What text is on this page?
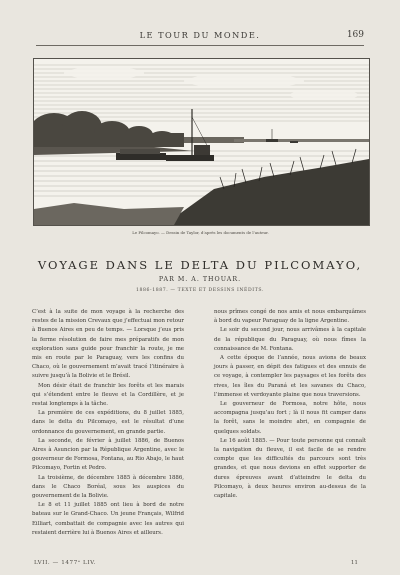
LE TOUR DU MONDE.	169
Le Pilcomayo. — Dessin de Taylor, d’après les documents de l’auteur.
VOYAGE DANS LE DELTA DU PILCOMAYO,
PAR M. A. THOUAR.
1886-1887. — TEXTE ET DESSINS INÉDITS.

C’est à la suite de mon voyage à la recherche des restes de la mission Crevaux que j’effectuai mon retour à Buenos Aires en peu de temps. — Lorsque j’eus pris la ferme résolution de faire mes préparatifs de mon exploration sans guide pour franchir la route, je me mis en route par le Paraguay, vers les confins du Chaco, où le gouvernement m’avait tracé l’itinéraire à suivre jusqu’à la Bolivie et le Brésil.

Mon désir était de franchir les forêts et les marais qui s’étendent entre le fleuve et la Cordillère, et je restai longtemps à la tâche.

La première de ces expéditions, du 8 juillet 1885, dans le delta du Pilcomayo, est le résultat d’une ordonnance du gouvernement, en grande partie.

La seconde, de février à juillet 1886, de Buenos Aires à Asuncion par la République Argentine, avec le gouverneur de Formosa, Fontana, au Rio Abajo, le haut Pilcomayo, Fortin et Pedro.

La troisième, de décembre 1885 à décembre 1886, dans le Chaco Boréal, sous les auspices du gouvernement de la Bolivie.

Le 8 et 11 juillet 1885 ont lieu à bord de notre bateau sur le Grand-Chaco. Un jeune Français, Wilfrid Eilliart, combattait de compagnie avec les autres qui restaient derrière lui à Buenos Aires et ailleurs.

nous prîmes congé de nos amis et nous embarquâmes à bord du vapeur Paraguay de la ligne Argentine.

Le soir du second jour, nous arrivâmes à la capitale de la république du Paraguay, où nous fîmes la connaissance de M. Fontana.

A cette époque de l’année, nous avions de beaux jours à passer, en dépit des fatigues et des ennuis de ce voyage, à contempler les paysages et les forêts des rives, les îles du Paraná et les savanes du Chaco, l’immense et verdoyante plaine que nous traversions.

Le gouverneur de Formosa, notre hôte, nous accompagna jusqu’au fort ; là il nous fit camper dans la forêt, sans le moindre abri, en compagnie de quelques soldats.

Le 16 août 1885. — Pour toute personne qui connaît la navigation du fleuve, il est facile de se rendre compte que les difficultés du parcours sont très grandes, et que nous devions en effet supporter de dures épreuves avant d’atteindre le delta du Pilcomayo, à deux heures environ au-dessus de la capitale.

LVII. — 1477ᵉ LIV.	11
